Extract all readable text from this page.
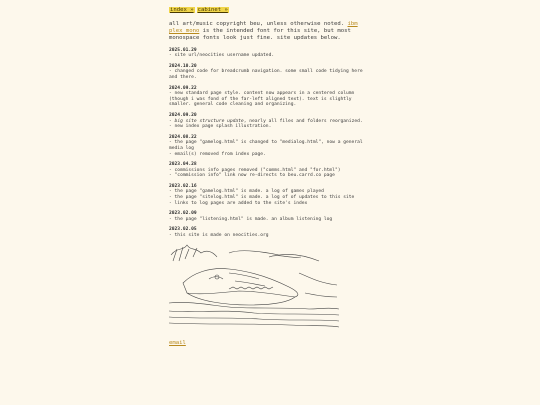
index » cabinet »
all art/music copyright beu, unless otherwise noted. ibm plex mono is the intended font for this site, but most monospace fonts look just fine. site updates below.
2025.01.29
- site url/neocities username updated.
2024.10.20
- changed code for breadcrumb navigation. some small code tidying here and there.
2024.09.22
- new standard page style. content now appears in a centered column (though i was fond of the far-left aligned text). text is slightly smaller. general code cleaning and organizing.
2024.09.20
- big site structure update, nearly all files and folders reorganized.
- new index page splash illustration.
2024.08.22
- the page "gamelog.html" is changed to "medialog.html", now a general media log
- email(s) removed from index page.
2023.04.28
- commissions info pages removed ("comms.html" and "for.html")
- "commission info" link now re-directs to beu.carrd.co page
2023.02.16
- the page "gamelog.html" is made. a log of games played
- the page "sitelog.html" is made. a log of of updates to this site
- links to log pages are added to the site's index
2023.02.09
- the page "listening.html" is made. an album listening log
2023.02.05
- this site is made on neocities.org
email
